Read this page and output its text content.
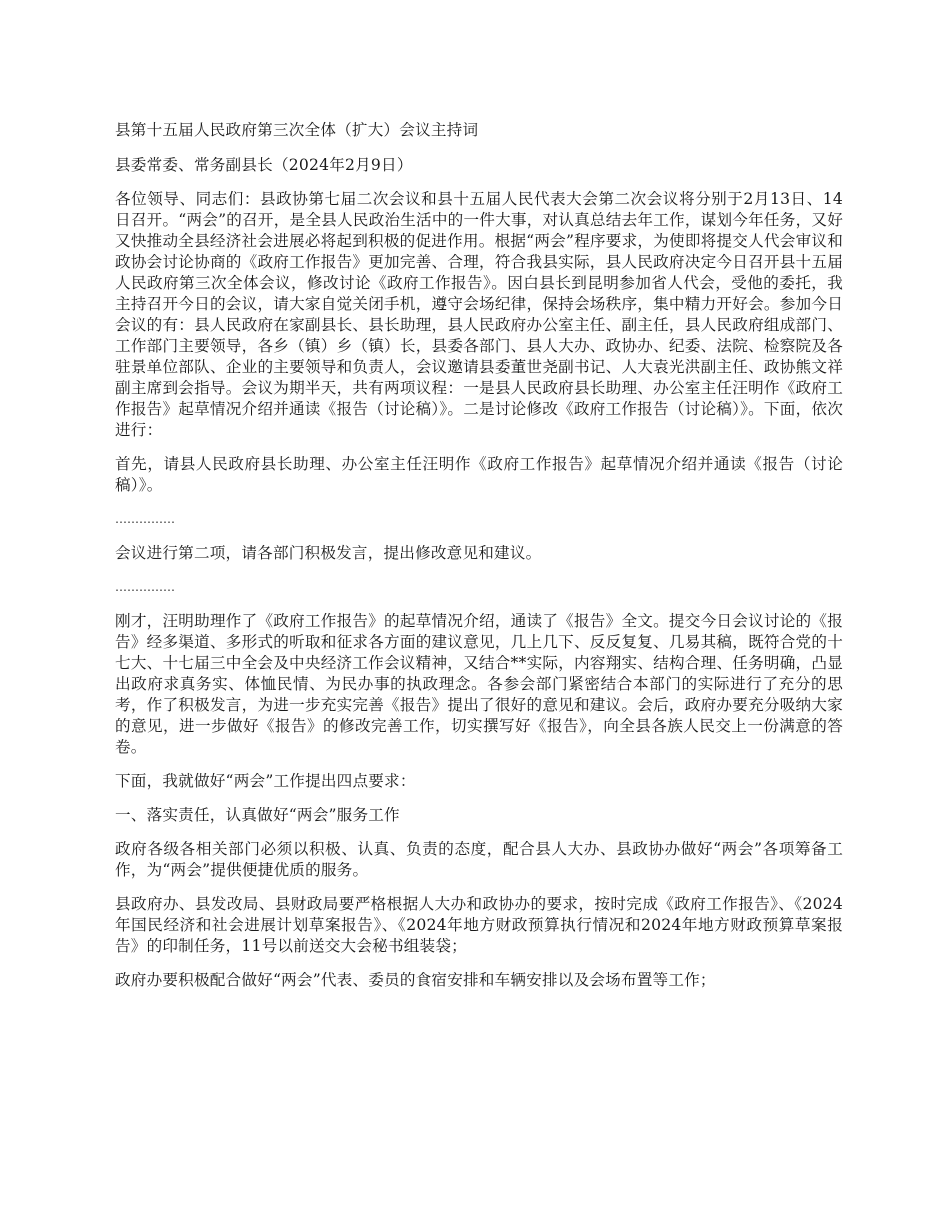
县第十五届人民政府第三次全体（扩大）会议主持词

县委常委、常务副县长（2024年2月9日）

各位领导、同志们：县政协第七届二次会议和县十五届人民代表大会第二次会议将分别于2月13日、14日召开。“两会”的召开，是全县人民政治生活中的一件大事，对认真总结去年工作，谋划今年任务，又好又快推动全县经济社会进展必将起到积极的促进作用。根据“两会”程序要求，为使即将提交人代会审议和政协会讨论协商的《政府工作报告》更加完善、合理，符合我县实际，县人民政府决定今日召开县十五届人民政府第三次全体会议，修改讨论《政府工作报告》。因白县长到昆明参加省人代会，受他的委托，我主持召开今日的会议，请大家自觉关闭手机，遵守会场纪律，保持会场秩序，集中精力开好会。参加今日会议的有：县人民政府在家副县长、县长助理，县人民政府办公室主任、副主任，县人民政府组成部门、工作部门主要领导，各乡（镇）乡（镇）长，县委各部门、县人大办、政协办、纪委、法院、检察院及各驻景单位部队、企业的主要领导和负责人，会议邀请县委董世尧副书记、人大袁光洪副主任、政协熊文祥副主席到会指导。会议为期半天，共有两项议程：一是县人民政府县长助理、办公室主任汪明作《政府工作报告》起草情况介绍并通读《报告（讨论稿）》。二是讨论修改《政府工作报告（讨论稿）》。下面，依次进行：

首先，请县人民政府县长助理、办公室主任汪明作《政府工作报告》起草情况介绍并通读《报告（讨论稿）》。

……………

会议进行第二项，请各部门积极发言，提出修改意见和建议。

……………

刚才，汪明助理作了《政府工作报告》的起草情况介绍，通读了《报告》全文。提交今日会议讨论的《报告》经多渠道、多形式的听取和征求各方面的建议意见，几上几下、反反复复、几易其稿，既符合党的十七大、十七届三中全会及中央经济工作会议精神，又结合**实际，内容翔实、结构合理、任务明确，凸显出政府求真务实、体恤民情、为民办事的执政理念。各参会部门紧密结合本部门的实际进行了充分的思考，作了积极发言，为进一步充实完善《报告》提出了很好的意见和建议。会后，政府办要充分吸纳大家的意见，进一步做好《报告》的修改完善工作，切实撰写好《报告》，向全县各族人民交上一份满意的答卷。

下面，我就做好“两会”工作提出四点要求：

一、落实责任，认真做好“两会”服务工作

政府各级各相关部门必须以积极、认真、负责的态度，配合县人大办、县政协办做好“两会”各项筹备工作，为“两会”提供便捷优质的服务。

县政府办、县发改局、县财政局要严格根据人大办和政协办的要求，按时完成《政府工作报告》、《2024年国民经济和社会进展计划草案报告》、《2024年地方财政预算执行情况和2024年地方财政预算草案报告》的印制任务，11号以前送交大会秘书组装袋；

政府办要积极配合做好“两会”代表、委员的食宿安排和车辆安排以及会场布置等工作；
